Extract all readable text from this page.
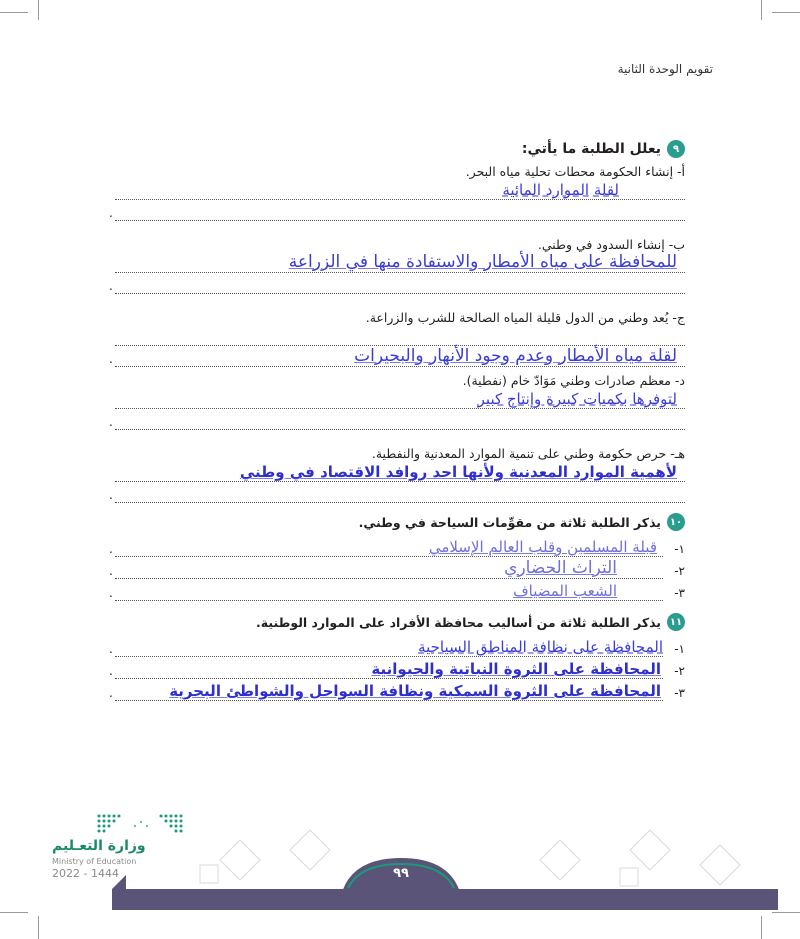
تقويم الوحدة الثانية
٩
يعلل الطلبة ما يأتي:
أ- إنشاء الحكومة محطات تحلية مياه البحر.
لقلة الموارد المائية
.
ب- إنشاء السدود في وطني.
للمحافظة على مياه الأمطار والاستفادة منها في الزراعة
.
ج- يُعد وطني من الدول قليلة المياه الصالحة للشرب والزراعة.
لقلة مياه الأمطار وعدم وجود الأنهار والبحيرات
.
د- معظم صادرات وطني مَوَادّ خام (نفطية).
لتوفرها بكميات كبيرة وإنتاج كبير
.
هـ- حرص حكومة وطني على تنمية الموارد المعدنية والنفطية.
لأهمية الموارد المعدنية ولأنها احد روافد الاقتصاد في وطني
.
١٠
يذكر الطلبة ثلاثة من مقوِّمات السياحة في وطني.
١-
قبلة المسلمين وقلب العالم الإسلامي
.
٢-
التراث الحضاري
.
٣-
الشعب المضياف
.
١١
يذكر الطلبة ثلاثة من أساليب محافظة الأفراد على الموارد الوطنية.
١-
المحافظة على نظافة المناطق السياحية
.
٢-
المحافظة على الثروة النباتية والحيوانية
.
٣-
المحافظة على الثروة السمكية ونظافة السواحل والشواطئ البحرية
.
وزارة التعـليم
Ministry of Education
2022 - 1444	٩٩
